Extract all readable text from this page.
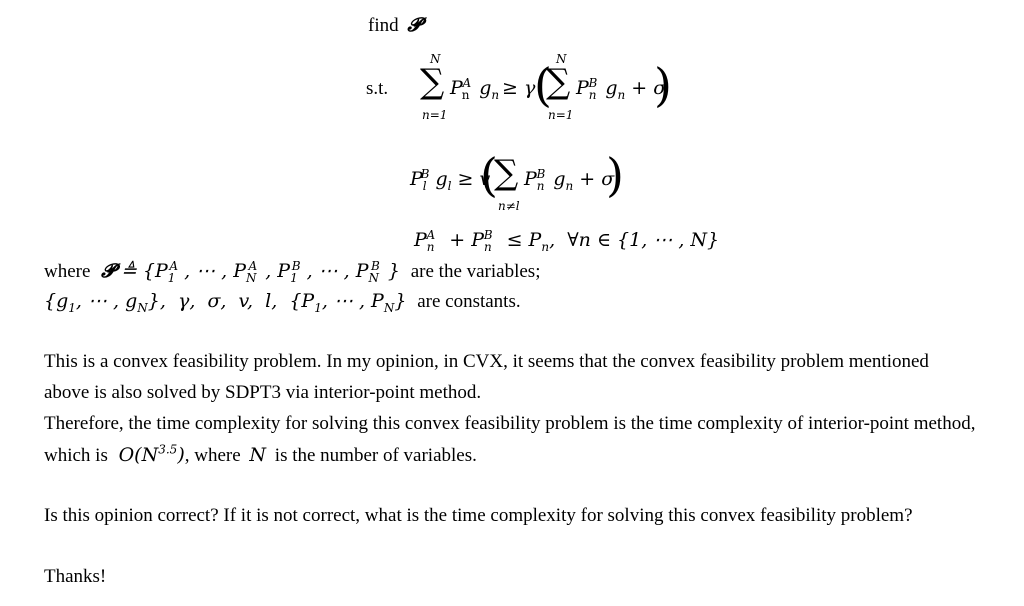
find 𝓟
s.t.
N
∑
n=1
$P_n^A$ $g_n \ge \gamma$
( N
∑
n=1
$P_n^B$ $g_n + \sigma$
)
$P_l^B$ $g_l \ge v$
(
∑
n≠l
$P_n^B$ $g_n + \sigma$
)
$P_n^A + P_n^B \le P_n$,  ∀n ∈ {1, ⋯ , N}
where 𝓟 ≜ {$P_1^A$ , ⋯ , $P_N^A$ , $P_1^B$ , ⋯ , $P_N^B$ } are the variables;
{$g_1$, ⋯ , $g_N$},  γ,  σ,  v,  l,  {$P_1$, ⋯ , $P_N$} are constants.
This is a convex feasibility problem. In my opinion, in CVX, it seems that the convex feasibility problem mentioned
above is also solved by SDPT3 via interior-point method.
Therefore, the time complexity for solving this convex feasibility problem is the time complexity of interior-point method,
which is $O(N^{3.5})$, where N is the number of variables.
Is this opinion correct? If it is not correct, what is the time complexity for solving this convex feasibility problem?
Thanks!
